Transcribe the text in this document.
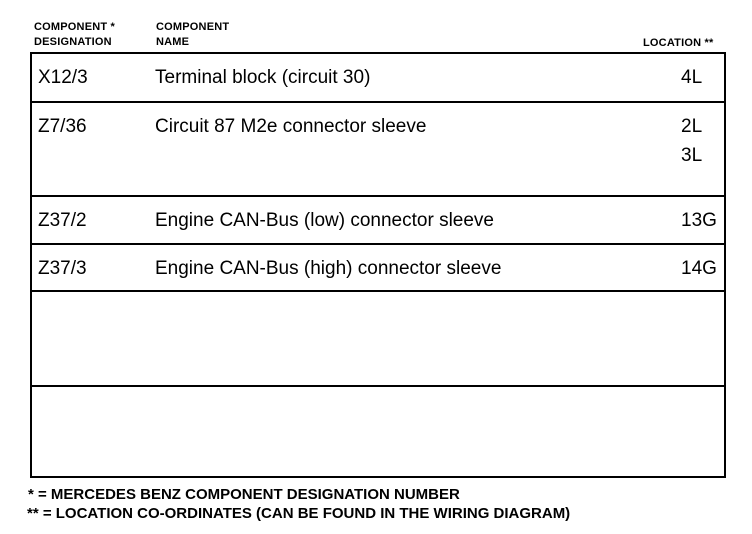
COMPONENT *
DESIGNATION
COMPONENT
NAME	LOCATION **
X12/3	Terminal block (circuit 30)	4L
Z7/36	Circuit 87 M2e connector sleeve	2L
3L
Z37/2	Engine CAN-Bus (low) connector sleeve	13G
Z37/3	Engine CAN-Bus (high) connector sleeve	14G
* = MERCEDES BENZ COMPONENT DESIGNATION NUMBER
** = LOCATION CO-ORDINATES (CAN BE FOUND IN THE WIRING DIAGRAM)
